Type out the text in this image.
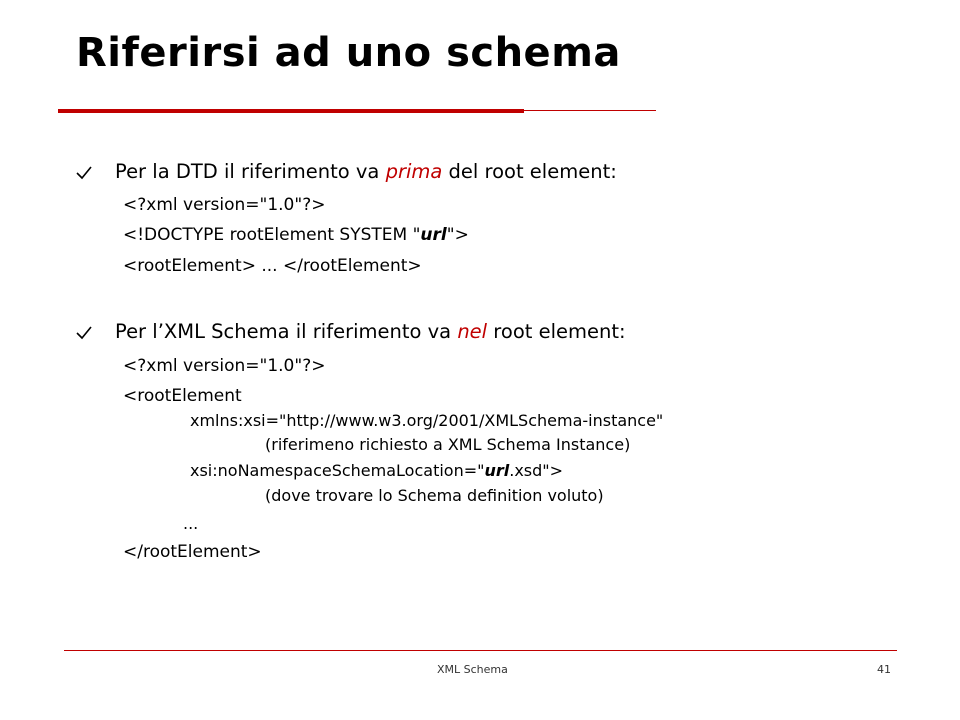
Riferirsi ad uno schema
Per la DTD il riferimento va prima del root element:
<?xml version="1.0"?>
<!DOCTYPE rootElement SYSTEM "url">
<rootElement> ... </rootElement>
Per l’XML Schema il riferimento va nel root element:
<?xml version="1.0"?>
<rootElement
xmlns:xsi="http://www.w3.org/2001/XMLSchema-instance"
(riferimeno richiesto a XML Schema Instance)
xsi:noNamespaceSchemaLocation="url.xsd">
(dove trovare lo Schema definition voluto)
...
</rootElement>
XML Schema	41
